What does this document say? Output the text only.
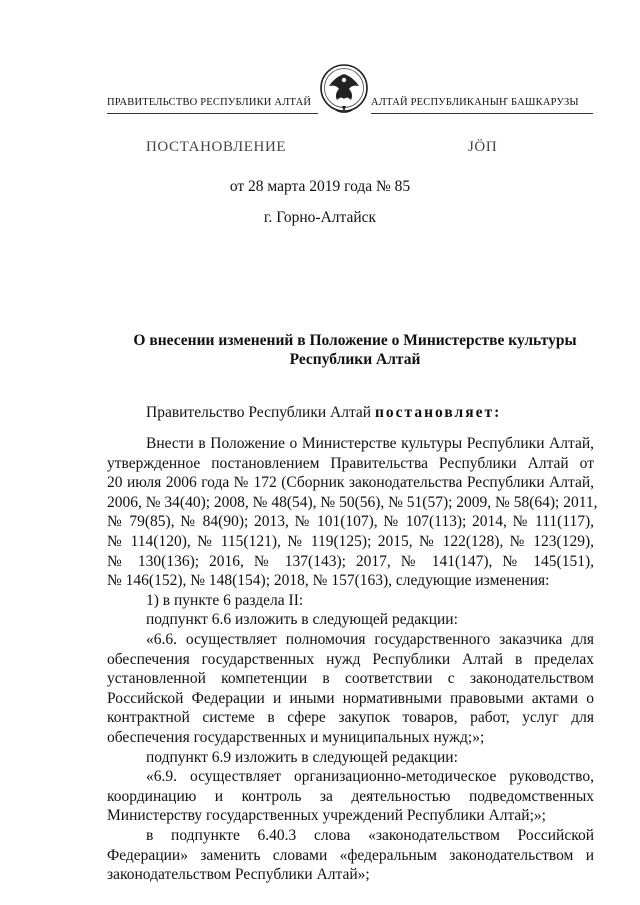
ПРАВИТЕЛЬСТВО РЕСПУБЛИКИ АЛТАЙ	АЛТАЙ РЕСПУБЛИКАНЫҤ БАШКАРУЗЫ
ПОСТАНОВЛЕНИЕ	ЈӦП
от 28 марта 2019 года № 85
г. Горно-Алтайск
О внесении изменений в Положение о Министерстве культуры
Республики Алтай
Правительство Республики Алтай постановляет:
Внести в Положение о Министерстве культуры Республики Алтай,
утвержденное постановлением Правительства Республики Алтай от
20 июля 2006 года № 172 (Сборник законодательства Республики Алтай,
2006, № 34(40); 2008, № 48(54), № 50(56), № 51(57); 2009, № 58(64); 2011,
№ 79(85), № 84(90); 2013, № 101(107), № 107(113); 2014, № 111(117),
№ 114(120), № 115(121), № 119(125); 2015, № 122(128), № 123(129),
№ 130(136); 2016, № 137(143); 2017, № 141(147), № 145(151),
№ 146(152), № 148(154); 2018, № 157(163), следующие изменения:
1) в пункте 6 раздела II:
подпункт 6.6 изложить в следующей редакции:
«6.6. осуществляет полномочия государственного заказчика для
обеспечения государственных нужд Республики Алтай в пределах
установленной компетенции в соответствии с законодательством
Российской Федерации и иными нормативными правовыми актами о
контрактной системе в сфере закупок товаров, работ, услуг для
обеспечения государственных и муниципальных нужд;»;
подпункт 6.9 изложить в следующей редакции:
«6.9. осуществляет организационно-методическое руководство,
координацию и контроль за деятельностью подведомственных
Министерству государственных учреждений Республики Алтай;»;
в подпункте 6.40.3 слова «законодательством Российской
Федерации» заменить словами «федеральным законодательством и
законодательством Республики Алтай»;
